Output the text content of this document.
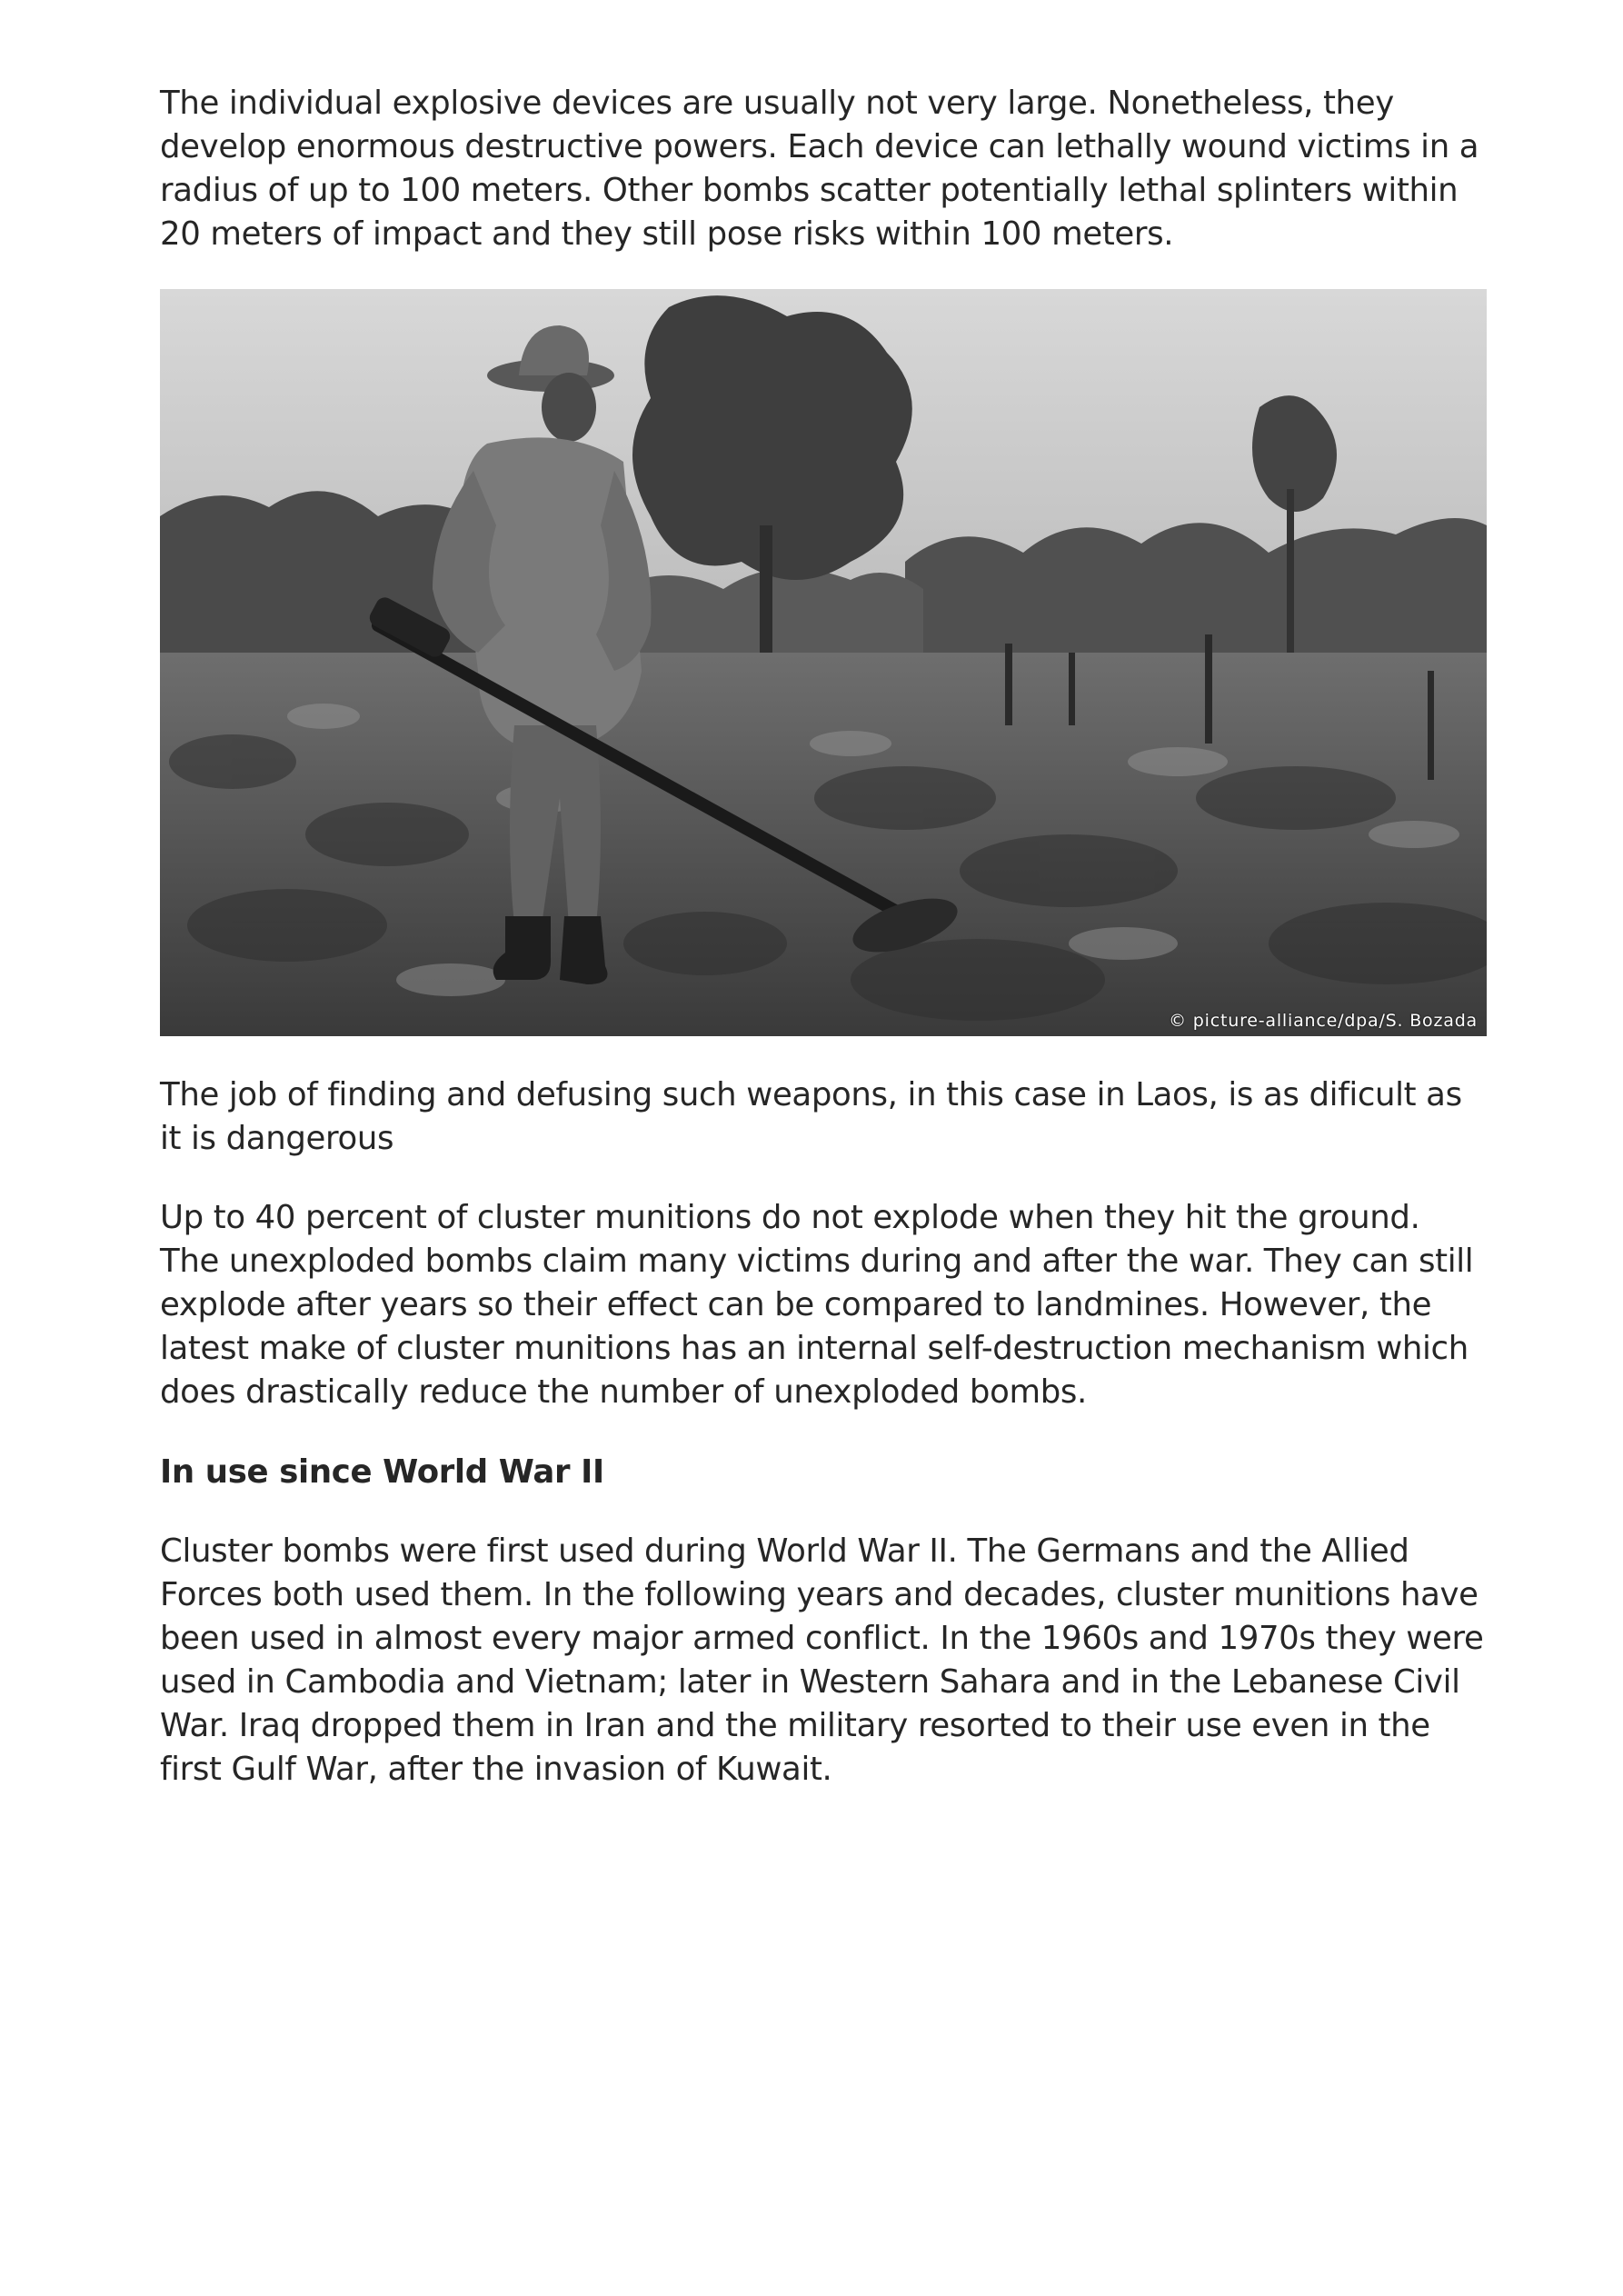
The individual explosive devices are usually not very large. Nonetheless, they develop enormous destructive powers. Each device can lethally wound victims in a radius of up to 100 meters. Other bombs scatter potentially lethal splinters within 20 meters of impact and they still pose risks within 100 meters.

© picture-alliance/dpa/S. Bozada

The job of finding and defusing such weapons, in this case in Laos, is as dificult as it is dangerous

Up to 40 percent of cluster munitions do not explode when they hit the ground. The unexploded bombs claim many victims during and after the war. They can still explode after years so their effect can be compared to landmines. However, the latest make of cluster munitions has an internal self-destruction mechanism which does drastically reduce the number of unexploded bombs.

In use since World War II

Cluster bombs were first used during World War II. The Germans and the Allied Forces both used them. In the following years and decades, cluster munitions have been used in almost every major armed conflict. In the 1960s and 1970s they were used in Cambodia and Vietnam; later in Western Sahara and in the Lebanese Civil War. Iraq dropped them in Iran and the military resorted to their use even in the first Gulf War, after the invasion of Kuwait.
